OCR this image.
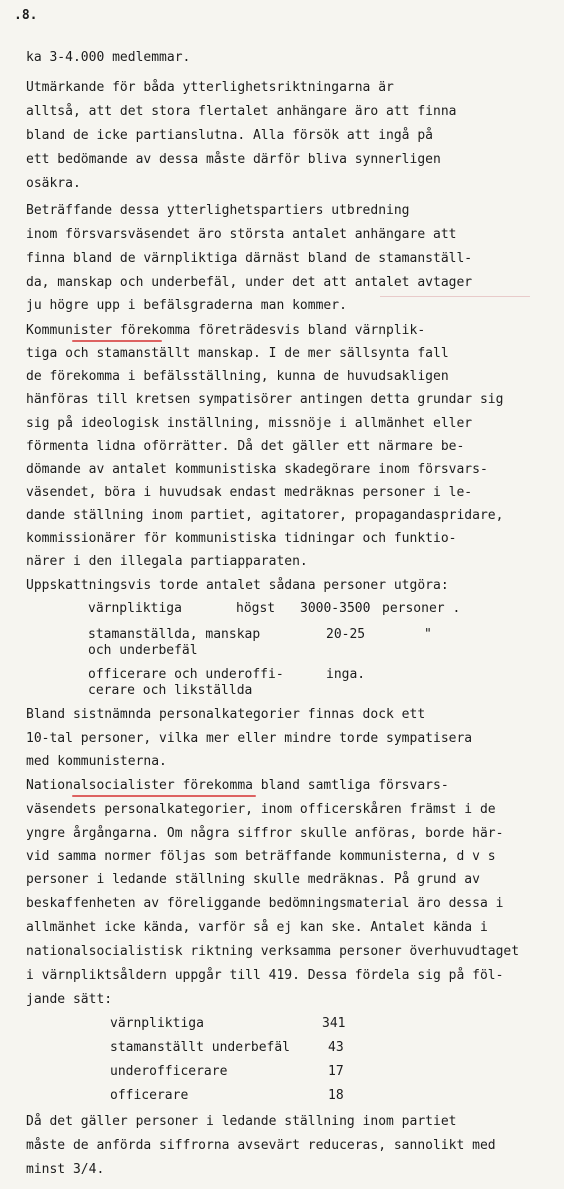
.8.
ka 3-4.000 medlemmar.
Utmärkande för båda ytterlighetsriktningarna är
alltså, att det stora flertalet anhängare äro att finna
bland de icke partianslutna. Alla försök att ingå på
ett bedömande av dessa måste därför bliva synnerligen
osäkra.
Beträffande dessa ytterlighetspartiers utbredning
inom försvarsväsendet äro största antalet anhängare att
finna bland de värnpliktiga därnäst bland de stamanställ-
da, manskap och underbefäl, under det att antalet avtager
ju högre upp i befälsgraderna man kommer.
Kommunister förekomma företrädesvis bland värnplik-
tiga och stamanställt manskap. I de mer sällsynta fall
de förekomma i befälsställning, kunna de huvudsakligen
hänföras till kretsen sympatisörer antingen detta grundar sig
sig på ideologisk inställning, missnöje i allmänhet eller
förmenta lidna oförrätter. Då det gäller ett närmare be-
dömande av antalet kommunistiska skadegörare inom försvars-
väsendet, böra i huvudsak endast medräknas personer i le-
dande ställning inom partiet, agitatorer, propagandaspridare,
kommissionärer för kommunistiska tidningar och funktio-
närer i den illegala partiapparaten.
Uppskattningsvis torde antalet sådana personer utgöra:
värnpliktiga	högst 3000-3500 personer .
stamanställda, manskap
och underbefäl
20-25	"
officerare och underoffi-
cerare och likställda
inga.
Bland sistnämnda personalkategorier finnas dock ett
10-tal personer, vilka mer eller mindre torde sympatisera
med kommunisterna.
Nationalsocialister förekomma bland samtliga försvars-
väsendets personalkategorier, inom officerskåren främst i de
yngre årgångarna. Om några siffror skulle anföras, borde här-
vid samma normer följas som beträffande kommunisterna, d v s
personer i ledande ställning skulle medräknas. På grund av
beskaffenheten av föreliggande bedömningsmaterial äro dessa i
allmänhet icke kända, varför så ej kan ske. Antalet kända i
nationalsocialistisk riktning verksamma personer överhuvudtaget
i värnpliktsåldern uppgår till 419. Dessa fördela sig på föl-
jande sätt:
värnpliktiga	341
stamanställt underbefäl	43
underofficerare	17
officerare	18
Då det gäller personer i ledande ställning inom partiet
måste de anförda siffrorna avsevärt reduceras, sannolikt med
minst 3/4.
